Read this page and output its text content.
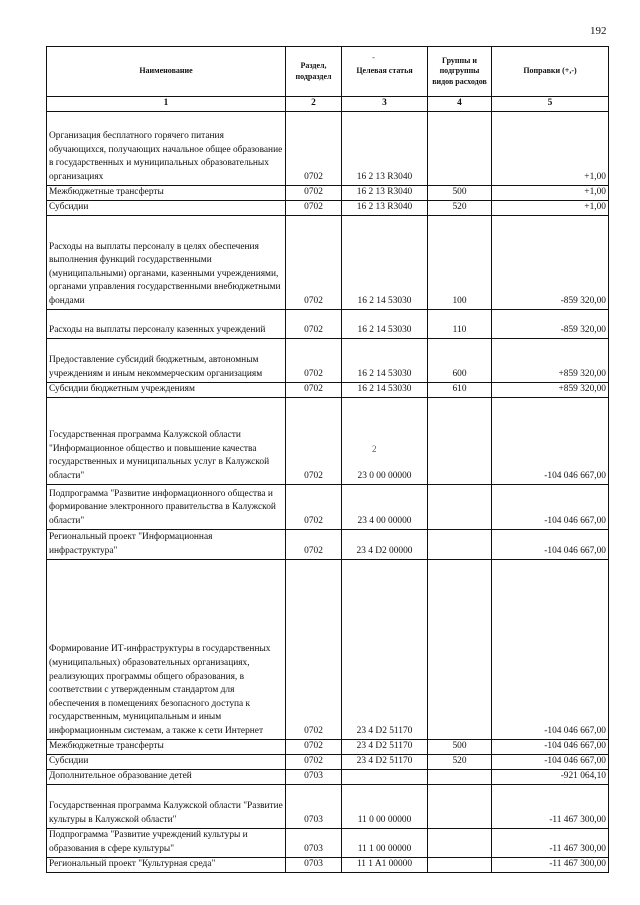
192
-
2
Наименование	Раздел, подраздел	Целевая статья	Группы и подгруппы видов расходов	Поправки (+,-)
1	2	3	4	5
Организация бесплатного горячего питания обучающихся, получающих начальное общее образование в государственных и муниципальных образовательных организациях	0702	16 2 13 R3040		+1,00
Межбюджетные трансферты	0702	16 2 13 R3040	500	+1,00
Субсидии	0702	16 2 13 R3040	520	+1,00
Расходы на выплаты персоналу в целях обеспечения выполнения функций государственными (муниципальными) органами, казенными учреждениями, органами управления государственными внебюджетными фондами	0702	16 2 14 53030	100	-859 320,00
Расходы на выплаты персоналу казенных учреждений	0702	16 2 14 53030	110	-859 320,00
Предоставление субсидий бюджетным, автономным учреждениям и иным некоммерческим организациям	0702	16 2 14 53030	600	+859 320,00
Субсидии бюджетным учреждениям	0702	16 2 14 53030	610	+859 320,00
Государственная программа Калужской области "Информационное общество и повышение качества государственных и муниципальных услуг в Калужской области"	0702	23 0 00 00000		-104 046 667,00
Подпрограмма "Развитие информационного общества и формирование электронного правительства в Калужской области"	0702	23 4 00 00000		-104 046 667,00
Региональный проект "Информационная инфраструктура"	0702	23 4 D2 00000		-104 046 667,00
Формирование ИТ-инфраструктуры в государственных (муниципальных) образовательных организациях, реализующих программы общего образования, в соответствии с утвержденным стандартом для обеспечения в помещениях безопасного доступа к государственным, муниципальным и иным информационным системам, а также к сети Интернет	0702	23 4 D2 51170		-104 046 667,00
Межбюджетные трансферты	0702	23 4 D2 51170	500	-104 046 667,00
Субсидии	0702	23 4 D2 51170	520	-104 046 667,00
Дополнительное образование детей	0703			-921 064,10
Государственная программа Калужской области "Развитие культуры в Калужской области"	0703	11 0 00 00000		-11 467 300,00
Подпрограмма "Развитие учреждений культуры и образования в сфере культуры"	0703	11 1 00 00000		-11 467 300,00
Региональный проект "Культурная среда"	0703	11 1 A1 00000		-11 467 300,00
